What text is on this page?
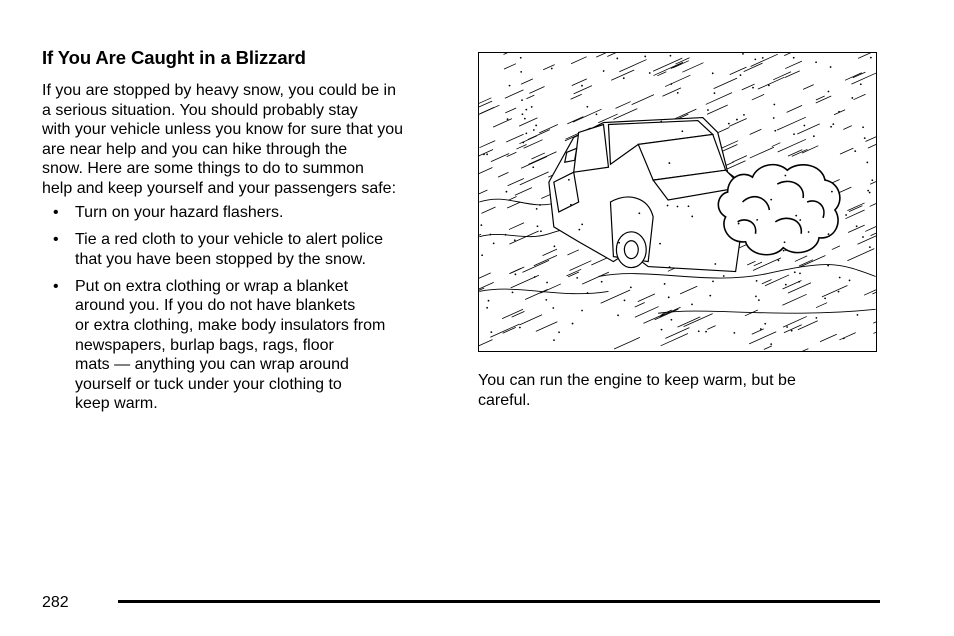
If You Are Caught in a Blizzard

If you are stopped by heavy snow, you could be in
a serious situation. You should probably stay
with your vehicle unless you know for sure that you
are near help and you can hike through the
snow. Here are some things to do to summon
help and keep yourself and your passengers safe:

• Turn on your hazard flashers.
• Tie a red cloth to your vehicle to alert police
that you have been stopped by the snow.
• Put on extra clothing or wrap a blanket
around you. If you do not have blankets
or extra clothing, make body insulators from
newspapers, burlap bags, rags, floor
mats — anything you can wrap around
yourself or tuck under your clothing to
keep warm.

You can run the engine to keep warm, but be
careful.

282
